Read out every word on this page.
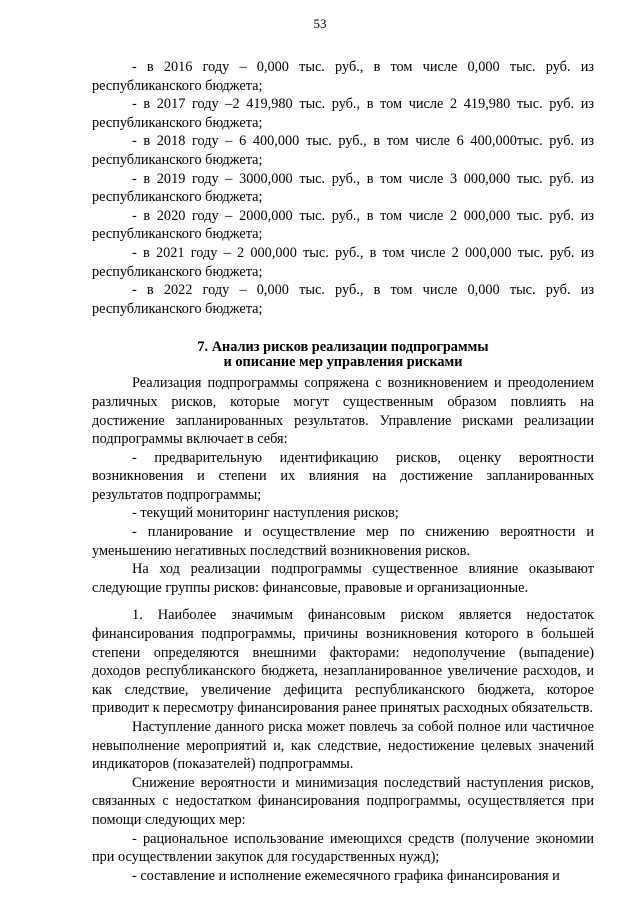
53

- в 2016 году – 0,000 тыс. руб., в том числе 0,000 тыс. руб. из республиканского бюджета;

- в 2017 году –2 419,980 тыс. руб., в том числе 2 419,980 тыс. руб. из республиканского бюджета;

- в 2018 году – 6 400,000 тыс. руб., в том числе 6 400,000тыс. руб. из республиканского бюджета;

- в 2019 году – 3000,000 тыс. руб., в том числе 3 000,000 тыс. руб. из республиканского бюджета;

- в 2020 году – 2000,000 тыс. руб., в том числе 2 000,000 тыс. руб. из республиканского бюджета;

- в 2021 году – 2 000,000 тыс. руб., в том числе 2 000,000 тыс. руб. из республиканского бюджета;

- в 2022 году – 0,000 тыс. руб., в том числе 0,000 тыс. руб. из республиканского бюджета;

7. Анализ рисков реализации подпрограммы
и описание мер управления рисками

Реализация подпрограммы сопряжена с возникновением и преодолением различных рисков, которые могут существенным образом повлиять на достижение запланированных результатов. Управление рисками реализации подпрограммы включает в себя:

- предварительную идентификацию рисков, оценку вероятности возникновения и степени их влияния на достижение запланированных результатов подпрограммы;

- текущий мониторинг наступления рисков;

- планирование и осуществление мер по снижению вероятности и уменьшению негативных последствий возникновения рисков.

На ход реализации подпрограммы существенное влияние оказывают следующие группы рисков: финансовые, правовые и организационные.

1. Наиболее значимым финансовым риском является недостаток финансирования подпрограммы, причины возникновения которого в большей степени определяются внешними факторами: недополучение (выпадение) доходов республиканского бюджета, незапланированное увеличение расходов, и как следствие, увеличение дефицита республиканского бюджета, которое приводит к пересмотру финансирования ранее принятых расходных обязательств.

Наступление данного риска может повлечь за собой полное или частичное невыполнение мероприятий и, как следствие, недостижение целевых значений индикаторов (показателей) подпрограммы.

Снижение вероятности и минимизация последствий наступления рисков, связанных с недостатком финансирования подпрограммы, осуществляется при помощи следующих мер:

- рациональное использование имеющихся средств (получение экономии при осуществлении закупок для государственных нужд);

- составление и исполнение ежемесячного графика финансирования и
